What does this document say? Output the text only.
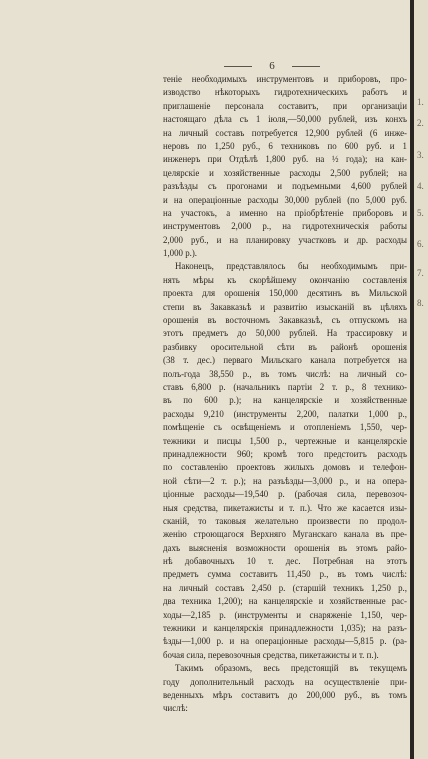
6
тенiе необходимыхъ инструментовъ и приборовъ, про-
изводство нѣкоторыхъ гидротехническихъ работъ и
приглашенiе персонала составитъ, при организацiи
настоящаго дѣла съ 1 iюля,—50,000 рублей, изъ конхъ
на личный составъ потребуется 12,900 рублей (6 инже-
неровъ по 1,250 руб., 6 техниковъ по 600 руб. и 1
инженеръ при Отдѣлѣ 1,800 руб. на ½ года); на кан-
целярскiе и хозяйственные расходы 2,500 рублей; на
разъѣзды съ прогонами и подъемными 4,600 рублей
и на операцiонные расходы 30,000 рублей (по 5,000 руб.
на участокъ, а именно на прiобрѣтенiе приборовъ и
инструментовъ 2,000 р., на гидротехническiя работы
2,000 руб., и на планировку участковъ и др. расходы
1,000 р.).
Наконецъ, представлялось бы необходимымъ при-
нять мѣры къ скорѣйшему окончанiю составленiя
проекта для орошенiя 150,000 десятинъ въ Мильской
степи въ Закавказьѣ и развитiю изысканiй въ цѣляхъ
орошенiя въ восточномъ Закавказьѣ, съ отпускомъ на
этотъ предметъ до 50,000 рублей. На трассировку и
разбивку оросительной сѣти въ районѣ орошенiя
(38 т. дес.) перваго Мильскаго канала потребуется на
полъ-года 38,550 р., въ томъ числѣ: на личный со-
ставъ 6,800 р. (начальникъ партiи 2 т. р., 8 технико-
въ по 600 р.); на канцелярскiе и хозяйственные
расходы 9,210 (инструменты 2,200, палатки 1,000 р.,
помѣщенiе съ освѣщенiемъ и отопленiемъ 1,550, чер-
тежники и писцы 1,500 р., чертежные и канцелярскiе
принадлежности 960; кромѣ того предстоитъ расходъ
по составленiю проектовъ жилыхъ домовъ и телефон-
ной сѣти—2 т. р.); на разъѣзды—3,000 р., и на опера-
цiонные расходы—19,540 р. (рабочая сила, перевозоч-
ныя средства, пикетажисты и т. п.). Что же касается изы-
сканiй, то таковыя желательно произвести по продол-
женiю строющагося Верхняго Муганскаго канала въ пре-
дахъ выясненiя возможности орошенiя въ этомъ райо-
нѣ добавочныхъ 10 т. дес. Потребная на этотъ
предметъ сумма составитъ 11,450 р., въ томъ числѣ:
на личный составъ 2,450 р. (старшiй техникъ 1,250 р.,
два техника 1,200); на канцелярскiе и хозяйственные рас-
ходы—2,185 р. (инструменты и снаряженiе 1,150, чер-
тежники и канцелярскiя принадлежности 1,035); на разъ-
ѣзды—1,000 р. и на операцiонные расходы—5,815 р. (ра-
бочая сила, перевозочныя средства, пикетажисты и т. п.).
Такимъ образомъ, весь предстоящiй въ текущемъ
году дополнительный расходъ на осуществленiе при-
веденныхъ мѣръ составитъ до 200,000 руб., въ томъ
числѣ:
1.
2.
3.
4.
5.
6.
7.
8.
